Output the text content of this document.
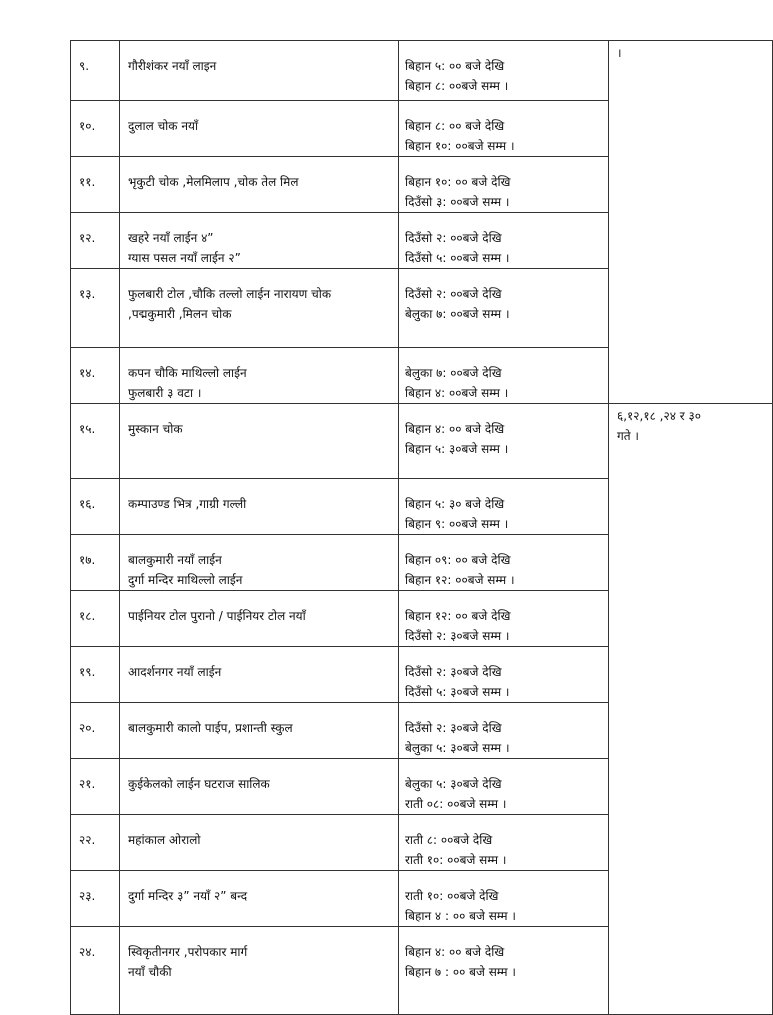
९.	गौरीशंकर नयाँ लाइन	बिहान ५: ०० बजे देखि
बिहान ८: ००बजे सम्म ।	।

१०.	दुलाल चोक नयाँ	बिहान ८: ०० बजे देखि
बिहान १०: ००बजे सम्म ।	

११.	भृकुटी चोक ,मेलमिलाप ,चोक तेल मिल	बिहान १०: ०० बजे देखि
दिउँसो ३: ००बजे सम्म ।	

१२.	खहरे नयाँ लाईन ४”
ग्यास पसल नयाँ लाईन २”	दिउँसो २: ००बजे देखि
दिउँसो ५: ००बजे सम्म ।	

१३.	फुलबारी टोल ,चौकि तल्लो लाईन नारायण चोक
,पद्मकुमारी ,मिलन चोक	दिउँसो २: ००बजे देखि
बेलुका ७: ००बजे सम्म ।	

१४.	कपन चौकि माथिल्लो लाईन
फुलबारी ३ वटा ।	बेलुका ७: ००बजे देखि
बिहान ४: ००बजे सम्म ।	

१५.	मुस्कान चोक	बिहान ४: ०० बजे देखि
बिहान ५: ३०बजे सम्म ।	६,१२,१८ ,२४ र ३०
गते ।

१६.	कम्पाउण्ड भित्र ,गाग्री गल्ली	बिहान ५: ३० बजे देखि
बिहान ९: ००बजे सम्म ।	

१७.	बालकुमारी नयाँ लाईन
दुर्गा मन्दिर माथिल्लो लाईन	बिहान ०९: ०० बजे देखि
बिहान १२: ००बजे सम्म ।	

१८.	पाईनियर टोल पुरानो / पाईनियर टोल नयाँ	बिहान १२: ०० बजे देखि
दिउँसो २: ३०बजे सम्म ।	

१९.	आदर्शनगर नयाँ लाईन	दिउँसो २: ३०बजे देखि
दिउँसो ५: ३०बजे सम्म ।	

२०.	बालकुमारी कालो पाईप, प्रशान्ती स्कुल	दिउँसो २: ३०बजे देखि
बेलुका ५: ३०बजे सम्म ।	

२१.	कुईकेलको लाईन घटराज सालिक	बेलुका ५: ३०बजे देखि
राती ०८: ००बजे सम्म ।	

२२.	महांकाल ओरालो	राती ८: ००बजे देखि
राती १०: ००बजे सम्म ।	

२३.	दुर्गा मन्दिर ३” नयाँ २” बन्द	राती १०: ००बजे देखि
बिहान ४ : ०० बजे सम्म ।	

२४.	स्विकृतीनगर ,परोपकार मार्ग
नयाँ चौकी	बिहान ४: ०० बजे देखि
बिहान ७ : ०० बजे सम्म ।	
